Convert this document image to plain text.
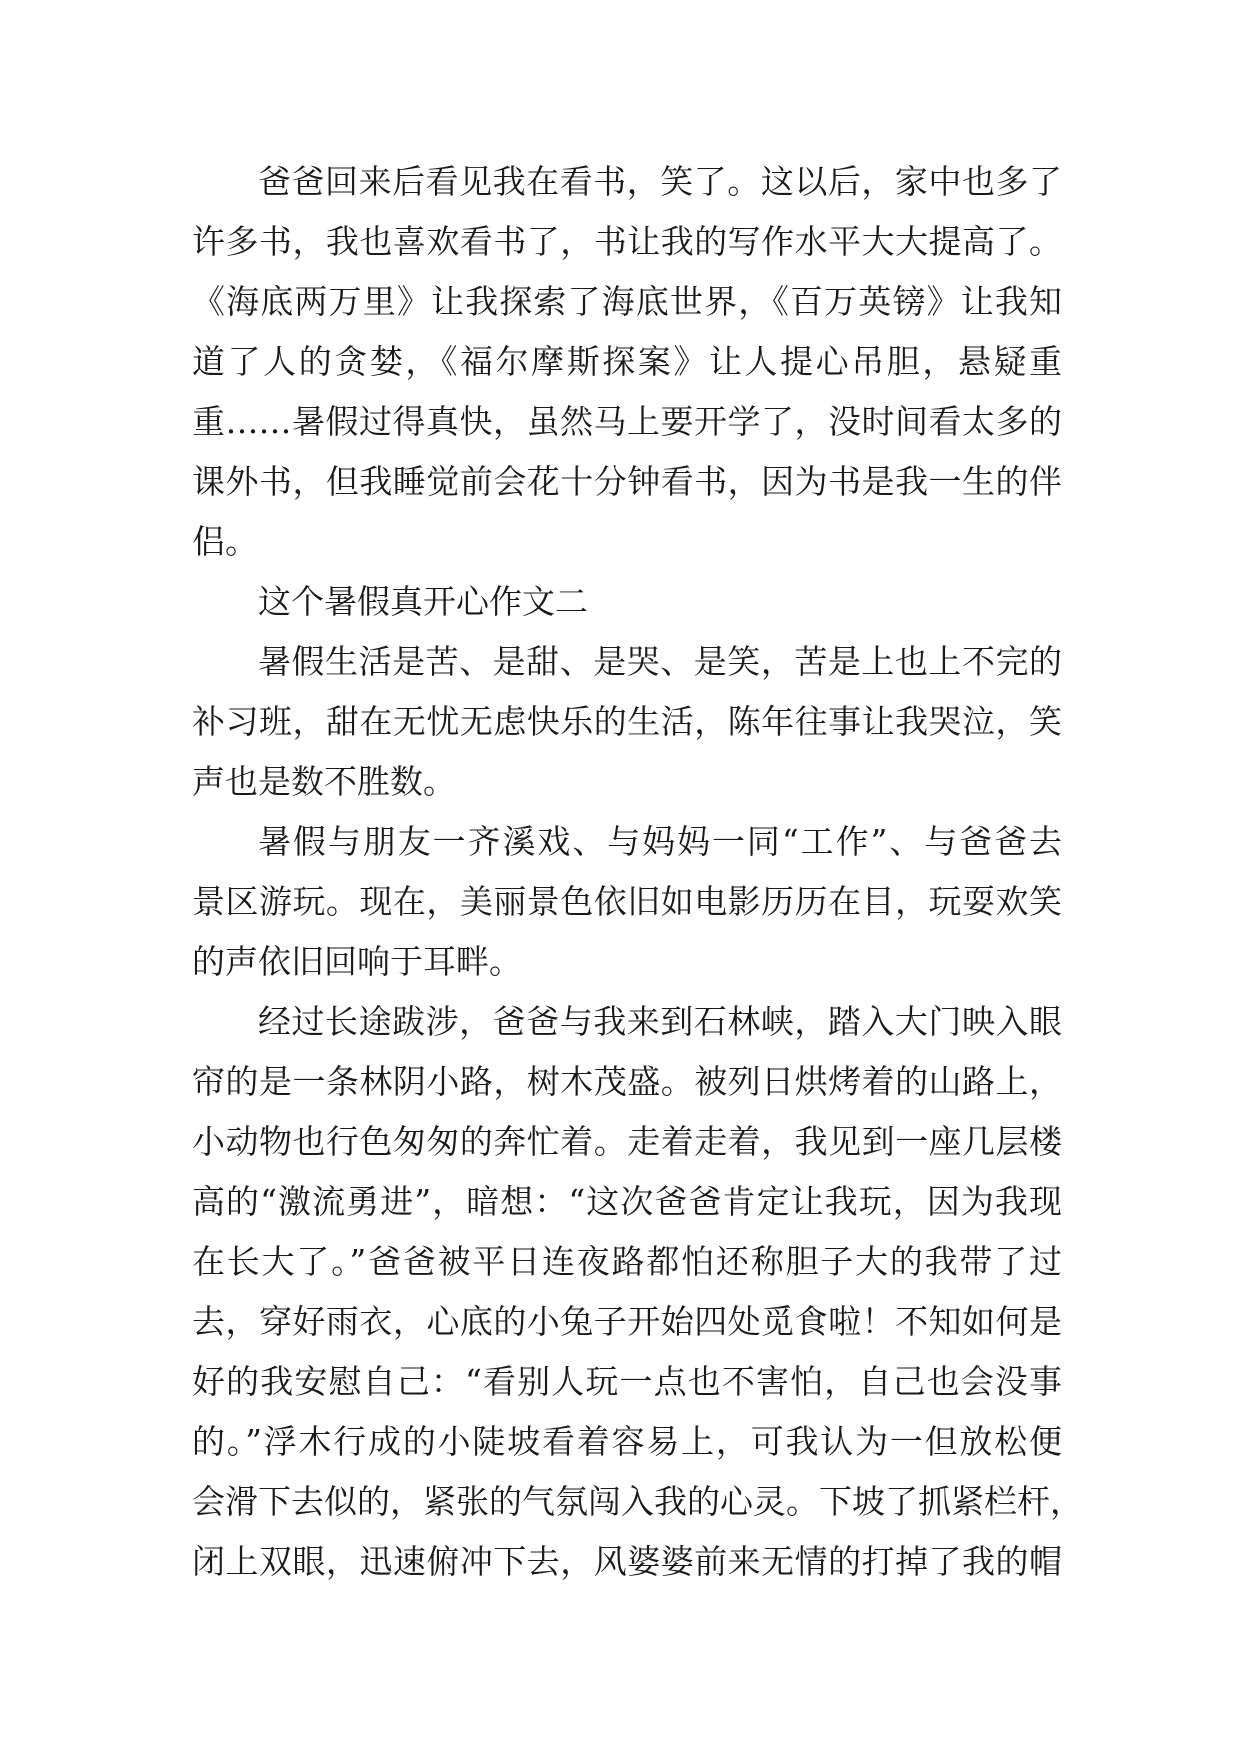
爸爸回来后看见我在看书，笑了。这以后，家中也多了
许多书，我也喜欢看书了，书让我的写作水平大大提高了。
《海底两万里》让我探索了海底世界，《百万英镑》让我知
道了人的贪婪，《福尔摩斯探案》让人提心吊胆，悬疑重
重……暑假过得真快，虽然马上要开学了，没时间看太多的
课外书，但我睡觉前会花十分钟看书，因为书是我一生的伴
侣。
这个暑假真开心作文二
暑假生活是苦、是甜、是哭、是笑，苦是上也上不完的
补习班，甜在无忧无虑快乐的生活，陈年往事让我哭泣，笑
声也是数不胜数。
暑假与朋友一齐溪戏、与妈妈一同“工作”、与爸爸去
景区游玩。现在，美丽景色依旧如电影历历在目，玩耍欢笑
的声依旧回响于耳畔。
经过长途跋涉，爸爸与我来到石林峡，踏入大门映入眼
帘的是一条林阴小路，树木茂盛。被列日烘烤着的山路上，
小动物也行色匆匆的奔忙着。走着走着，我见到一座几层楼
高的“激流勇进”，暗想：“这次爸爸肯定让我玩，因为我现
在长大了。”爸爸被平日连夜路都怕还称胆子大的我带了过
去，穿好雨衣，心底的小兔子开始四处觅食啦！不知如何是
好的我安慰自己：“看别人玩一点也不害怕，自己也会没事
的。”浮木行成的小陡坡看着容易上，可我认为一但放松便
会滑下去似的，紧张的气氛闯入我的心灵。下坡了抓紧栏杆，
闭上双眼，迅速俯冲下去，风婆婆前来无情的打掉了我的帽
